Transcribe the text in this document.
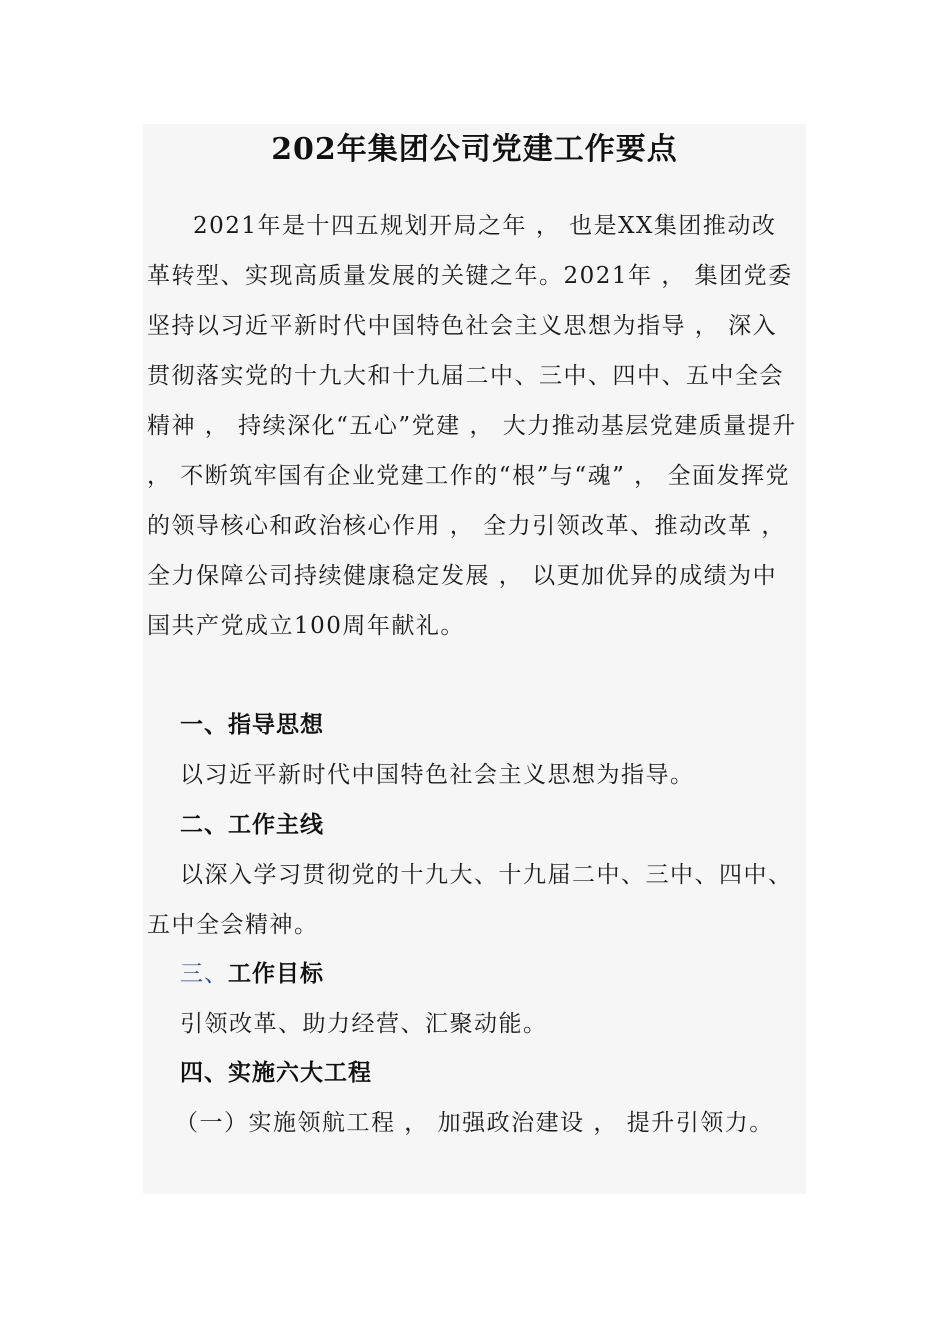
202年集团公司党建工作要点

2021年是十四五规划开局之年 ， 也是XX集团推动改革转型、实现高质量发展的关键之年。2021年 ， 集团党委坚持以习近平新时代中国特色社会主义思想为指导 ， 深入贯彻落实党的十九大和十九届二中、三中、四中、五中全会精神 ， 持续深化“五心”党建 ， 大力推动基层党建质量提升 ， 不断筑牢国有企业党建工作的“根”与“魂” ， 全面发挥党的领导核心和政治核心作用 ， 全力引领改革、推动改革 ， 全力保障公司持续健康稳定发展 ， 以更加优异的成绩为中国共产党成立100周年献礼。

一、指导思想
以习近平新时代中国特色社会主义思想为指导。
二、工作主线

以深入学习贯彻党的十九大、十九届二中、三中、四中、五中全会精神。

三、工作目标
引领改革、助力经营、汇聚动能。
四、实施六大工程

（一）实施领航工程 ， 加强政治建设 ， 提升引领力。
